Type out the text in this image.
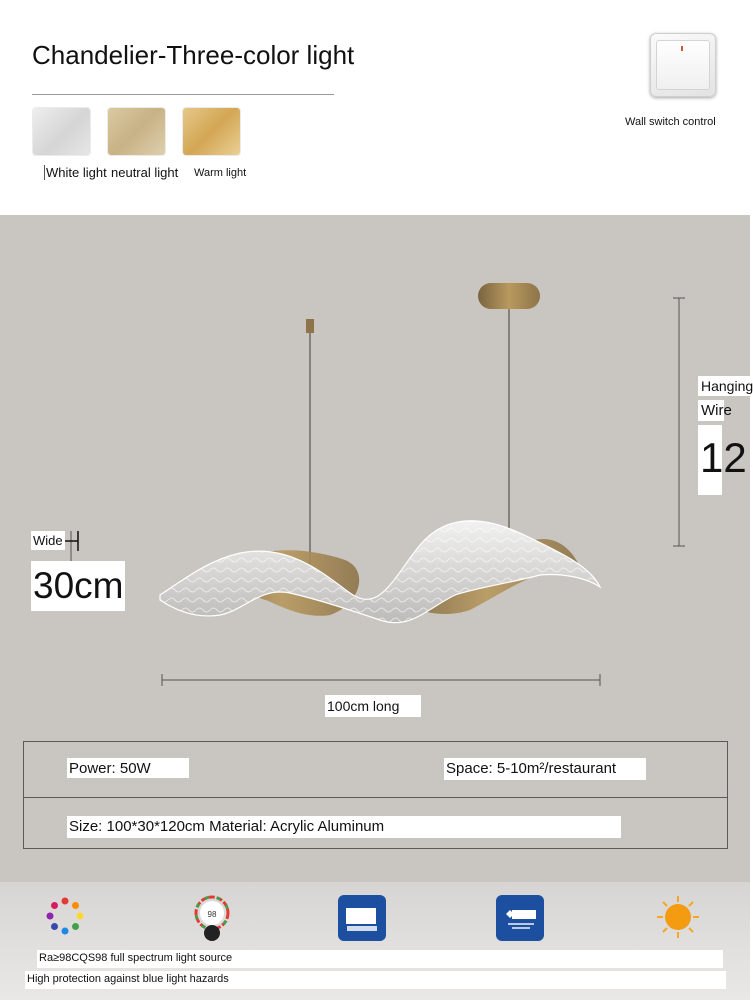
Chandelier-Three-color light
White light neutral light Warm light
Wall switch control
Wide
30cm
Hanging
Wire
12
100cm long
Power: 50W	Space: 5-10m²/restaurant
Size: 100*30*120cm Material: Acrylic Aluminum
98
Ra≥98CQS98 full spectrum light source
High protection against blue light hazards
